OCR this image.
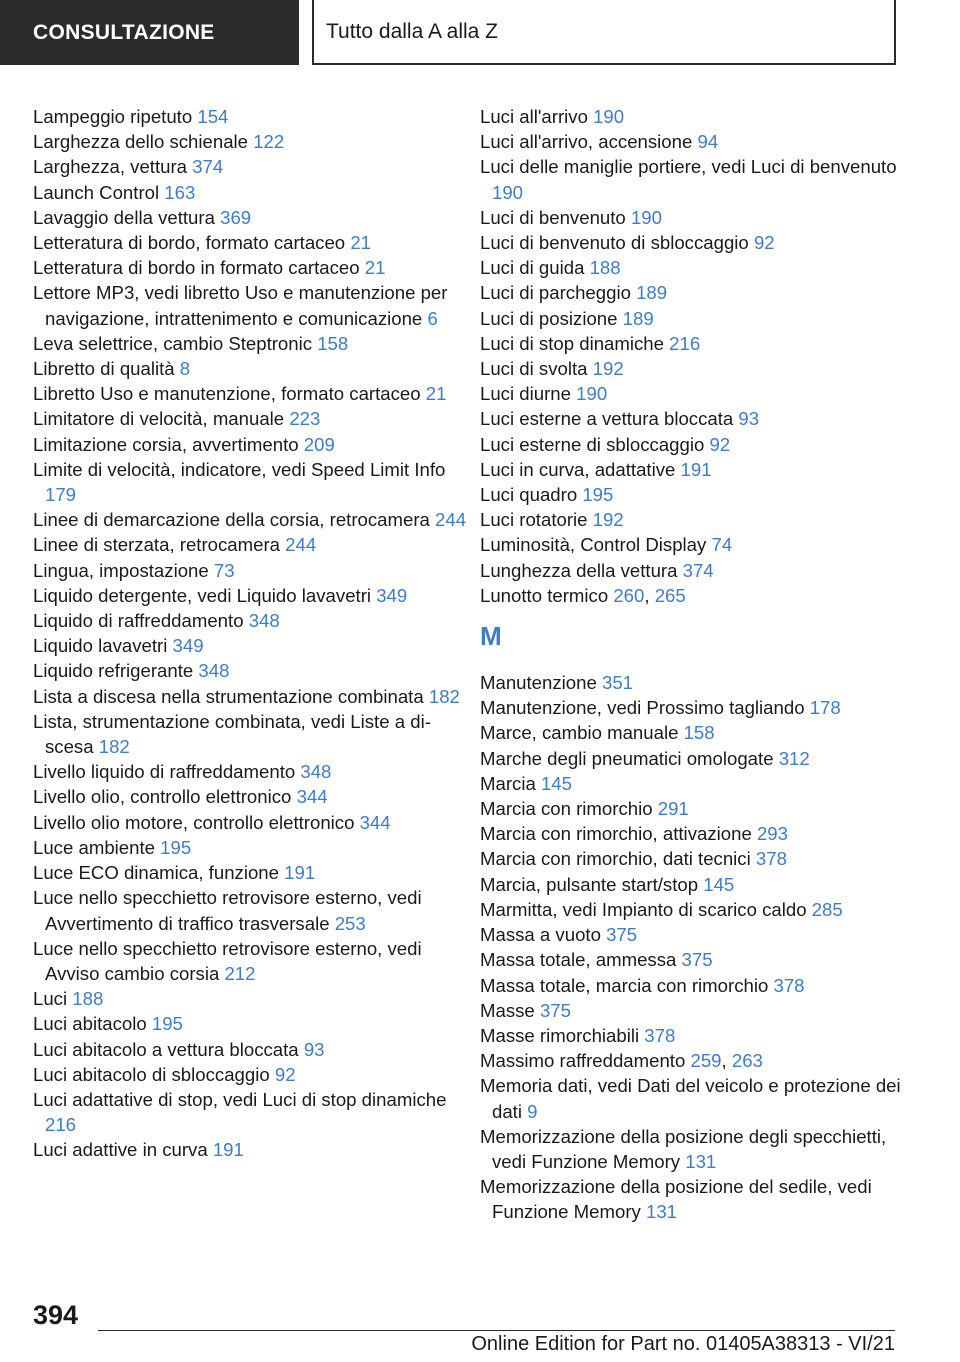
CONSULTAZIONE	Tutto dalla A alla Z
Lampeggio ripetuto 154
Larghezza dello schienale 122
Larghezza, vettura 374
Launch Control 163
Lavaggio della vettura 369
Letteratura di bordo, formato cartaceo 21
Letteratura di bordo in formato cartaceo 21
Lettore MP3, vedi libretto Uso e manutenzione per navigazione, intrattenimento e comunicazione 6
Leva selettrice, cambio Steptronic 158
Libretto di qualità 8
Libretto Uso e manutenzione, formato cartaceo 21
Limitatore di velocità, manuale 223
Limitazione corsia, avvertimento 209
Limite di velocità, indicatore, vedi Speed Limit Info 179
Linee di demarcazione della corsia, retrocamera 244
Linee di sterzata, retrocamera 244
Lingua, impostazione 73
Liquido detergente, vedi Liquido lavavetri 349
Liquido di raffreddamento 348
Liquido lavavetri 349
Liquido refrigerante 348
Lista a discesa nella strumentazione combinata 182
Lista, strumentazione combinata, vedi Liste a discesa 182
Livello liquido di raffreddamento 348
Livello olio, controllo elettronico 344
Livello olio motore, controllo elettronico 344
Luce ambiente 195
Luce ECO dinamica, funzione 191
Luce nello specchietto retrovisore esterno, vedi Avvertimento di traffico trasversale 253
Luce nello specchietto retrovisore esterno, vedi Avviso cambio corsia 212
Luci 188
Luci abitacolo 195
Luci abitacolo a vettura bloccata 93
Luci abitacolo di sbloccaggio 92
Luci adattative di stop, vedi Luci di stop dinamiche 216
Luci adattive in curva 191
Luci all'arrivo 190
Luci all'arrivo, accensione 94
Luci delle maniglie portiere, vedi Luci di benvenuto 190
Luci di benvenuto 190
Luci di benvenuto di sbloccaggio 92
Luci di guida 188
Luci di parcheggio 189
Luci di posizione 189
Luci di stop dinamiche 216
Luci di svolta 192
Luci diurne 190
Luci esterne a vettura bloccata 93
Luci esterne di sbloccaggio 92
Luci in curva, adattative 191
Luci quadro 195
Luci rotatorie 192
Luminosità, Control Display 74
Lunghezza della vettura 374
Lunotto termico 260, 265
M
Manutenzione 351
Manutenzione, vedi Prossimo tagliando 178
Marce, cambio manuale 158
Marche degli pneumatici omologate 312
Marcia 145
Marcia con rimorchio 291
Marcia con rimorchio, attivazione 293
Marcia con rimorchio, dati tecnici 378
Marcia, pulsante start/stop 145
Marmitta, vedi Impianto di scarico caldo 285
Massa a vuoto 375
Massa totale, ammessa 375
Massa totale, marcia con rimorchio 378
Masse 375
Masse rimorchiabili 378
Massimo raffreddamento 259, 263
Memoria dati, vedi Dati del veicolo e protezione dei dati 9
Memorizzazione della posizione degli specchietti, vedi Funzione Memory 131
Memorizzazione della posizione del sedile, vedi Funzione Memory 131
394
Online Edition for Part no. 01405A38313 - VI/21
